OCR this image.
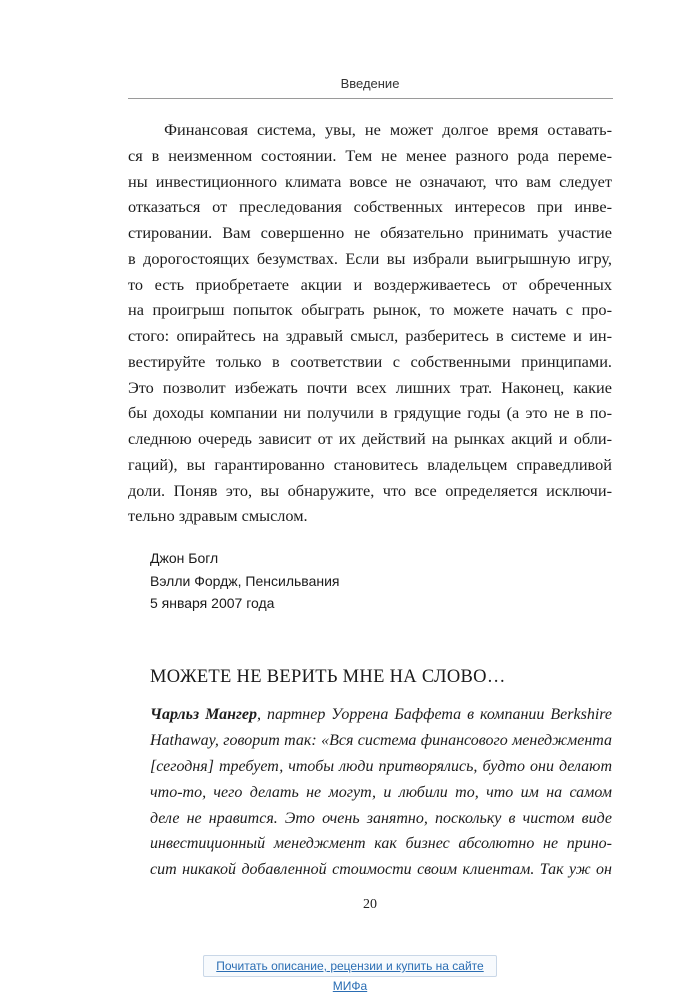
Введение
Финансовая система, увы, не может долгое время оставать-
ся в неизменном состоянии. Тем не менее разного рода переме-
ны инвестиционного климата вовсе не означают, что вам следует
отказаться от преследования собственных интересов при инве-
стировании. Вам совершенно не обязательно принимать участие
в дорогостоящих безумствах. Если вы избрали выигрышную игру,
то есть приобретаете акции и воздерживаетесь от обреченных
на проигрыш попыток обыграть рынок, то можете начать с про-
стого: опирайтесь на здравый смысл, разберитесь в системе и ин-
вестируйте только в соответствии с собственными принципами.
Это позволит избежать почти всех лишних трат. Наконец, какие
бы доходы компании ни получили в грядущие годы (а это не в по-
следнюю очередь зависит от их действий на рынках акций и обли-
гаций), вы гарантированно становитесь владельцем справедливой
доли. Поняв это, вы обнаружите, что все определяется исключи-
тельно здравым смыслом.
Джон Богл
Вэлли Фордж, Пенсильвания
5 января 2007 года
МОЖЕТЕ НЕ ВЕРИТЬ МНЕ НА СЛОВО…
Чарльз Мангер, партнер Уоррена Баффета в компании Berkshire
Hathaway, говорит так: «Вся система финансового менеджмента
[сегодня] требует, чтобы люди притворялись, будто они делают
что-то, чего делать не могут, и любили то, что им на самом
деле не нравится. Это очень занятно, поскольку в чистом виде
инвестиционный менеджмент как бизнес абсолютно не прино-
сит никакой добавленной стоимости своим клиентам. Так уж он
20
Почитать описание, рецензии и купить на сайте МИФа
